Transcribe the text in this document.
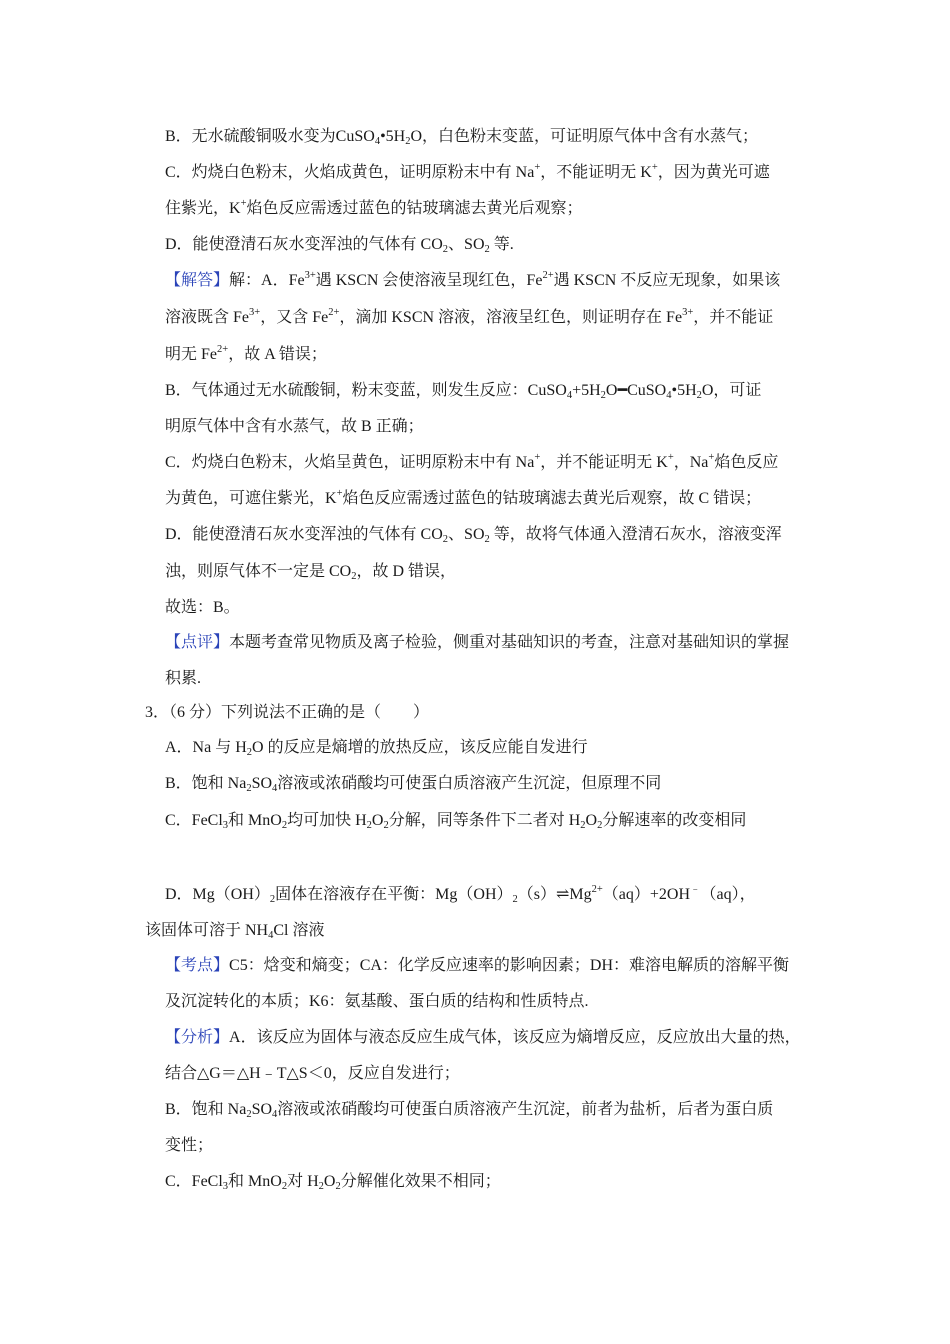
B．无水硫酸铜吸水变为$CuSO_4•5H_2O$，白色粉末变蓝，可证明原气体中含有水蒸气；
C．灼烧白色粉末，火焰成黄色，证明原粉末中有 Na+，不能证明无 K+，因为黄光可遮
住紫光，K+焰色反应需透过蓝色的钴玻璃滤去黄光后观察；
D．能使澄清石灰水变浑浊的气体有 $CO_2$、$SO_2$ 等.
【解答】解：A．$Fe^{3+}$遇 KSCN 会使溶液呈现红色，$Fe^{2+}$遇 KSCN 不反应无现象，如果该
溶液既含 $Fe^{3+}$，又含 $Fe^{2+}$，滴加 KSCN 溶液，溶液呈红色，则证明存在 $Fe^{3+}$，并不能证
明无 $Fe^{2+}$，故 A 错误；
B．气体通过无水硫酸铜，粉末变蓝，则发生反应：$CuSO_4+5H_2O━CuSO_4•5H_2O$，可证
明原气体中含有水蒸气，故 B 正确；
C．灼烧白色粉末，火焰呈黄色，证明原粉末中有 Na+，并不能证明无 K+，Na+焰色反应
为黄色，可遮住紫光，K+焰色反应需透过蓝色的钴玻璃滤去黄光后观察，故 C 错误；
D．能使澄清石灰水变浑浊的气体有 $CO_2$、$SO_2$ 等，故将气体通入澄清石灰水，溶液变浑
浊，则原气体不一定是 $CO_2$，故 D 错误，
故选：B。
【点评】本题考查常见物质及离子检验，侧重对基础知识的考查，注意对基础知识的掌握
积累.
3．（6 分）下列说法不正确的是（　　）
A．Na 与 $H_2O$ 的反应是熵增的放热反应，该反应能自发进行
B．饱和 $Na_2SO_4$溶液或浓硝酸均可使蛋白质溶液产生沉淀，但原理不同
C．FeCl$_3$和 MnO$_2$均可加快 $H_2O_2$分解，同等条件下二者对 $H_2O_2$分解速率的改变相同
D．$Mg(OH)_2$固体在溶液存在平衡：$Mg(OH)_2(s)\rightleftharpoons Mg^{2+}(aq)+2OH^﹣(aq)$，
该固体可溶于 $NH_4Cl$ 溶液
【考点】C5：焓变和熵变；CA：化学反应速率的影响因素；DH：难溶电解质的溶解平衡
及沉淀转化的本质；K6：氨基酸、蛋白质的结构和性质特点.
【分析】A．该反应为固体与液态反应生成气体，该反应为熵增反应，反应放出大量的热，
结合△G＝△H﹣T△S＜0，反应自发进行；
B．饱和 $Na_2SO_4$溶液或浓硝酸均可使蛋白质溶液产生沉淀，前者为盐析，后者为蛋白质
变性；
C．FeCl$_3$和 MnO$_2$对 $H_2O_2$分解催化效果不相同；
